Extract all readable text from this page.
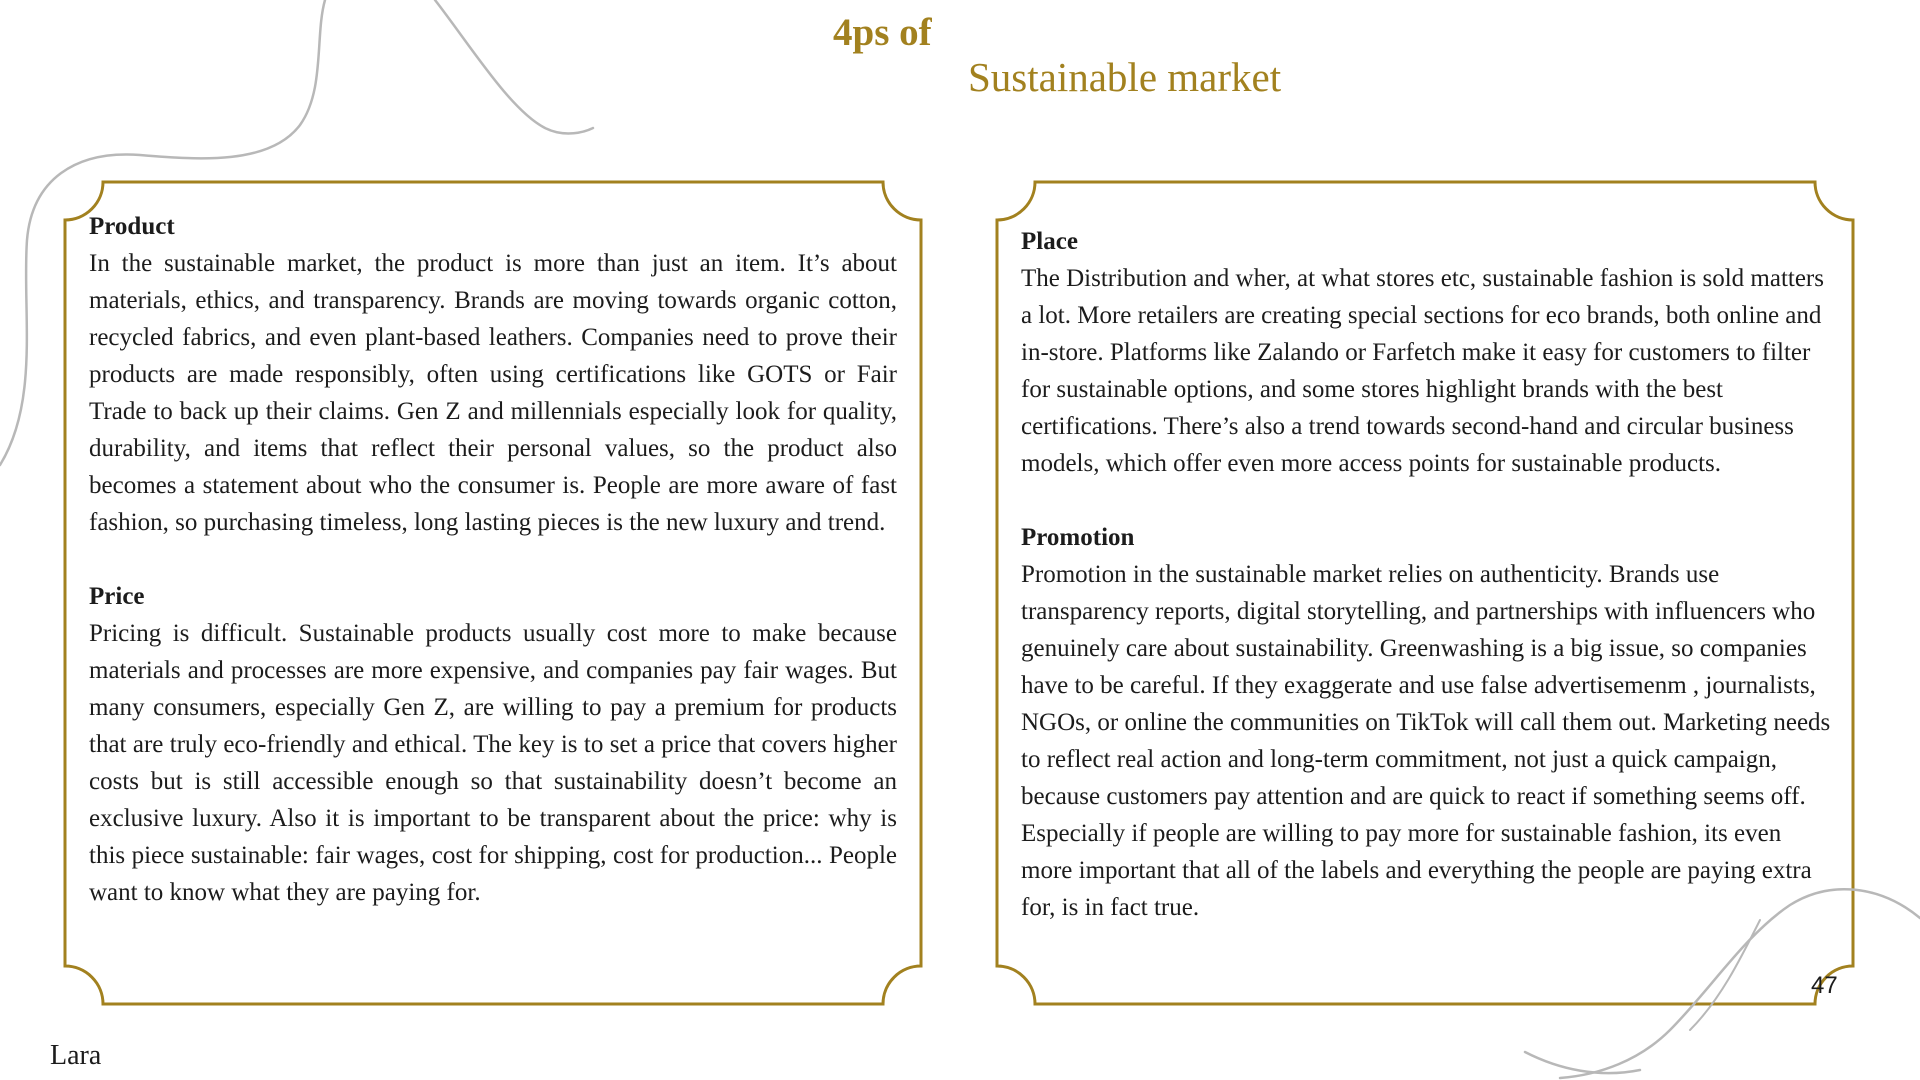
4ps of
Sustainable market
Product
In the sustainable market, the product is more than just an item. It’s about materials, ethics, and transparency. Brands are moving towards organic cotton, recycled fabrics, and even plant-based leathers. Companies need to prove their products are made responsibly, often using certifications like GOTS or Fair Trade to back up their claims. Gen Z and millennials especially look for quality, durability, and items that reflect their personal values, so the product also becomes a statement about who the consumer is. People are more aware of fast fashion, so purchasing timeless, long lasting pieces is the new luxury and trend.
Price
Pricing is difficult. Sustainable products usually cost more to make because materials and processes are more expensive, and companies pay fair wages. But many consumers, especially Gen Z, are willing to pay a premium for products that are truly eco-friendly and ethical. The key is to set a price that covers higher costs but is still accessible enough so that sustainability doesn’t become an exclusive luxury. Also it is important to be transparent about the price: why is this piece sustainable: fair wages, cost for shipping, cost for production... People want to know what they are paying for.
Place
The Distribution and wher, at what stores etc, sustainable fashion is sold matters a lot. More retailers are creating special sections for eco brands, both online and in-store. Platforms like Zalando or Farfetch make it easy for customers to filter for sustainable options, and some stores highlight brands with the best certifications. There’s also a trend towards second-hand and circular business models, which offer even more access points for sustainable products.
Promotion
Promotion in the sustainable market relies on authenticity. Brands use transparency reports, digital storytelling, and partnerships with influencers who genuinely care about sustainability. Greenwashing is a big issue, so companies have to be careful. If they exaggerate and use false advertisemenm , journalists, NGOs, or online the communities on TikTok will call them out. Marketing needs to reflect real action and long-term commitment, not just a quick campaign, because customers pay attention and are quick to react if something seems off. Especially if people are willing to pay more for sustainable fashion, its even more important that all of the labels and everything the people are paying extra for, is in fact true.
47
Lara
